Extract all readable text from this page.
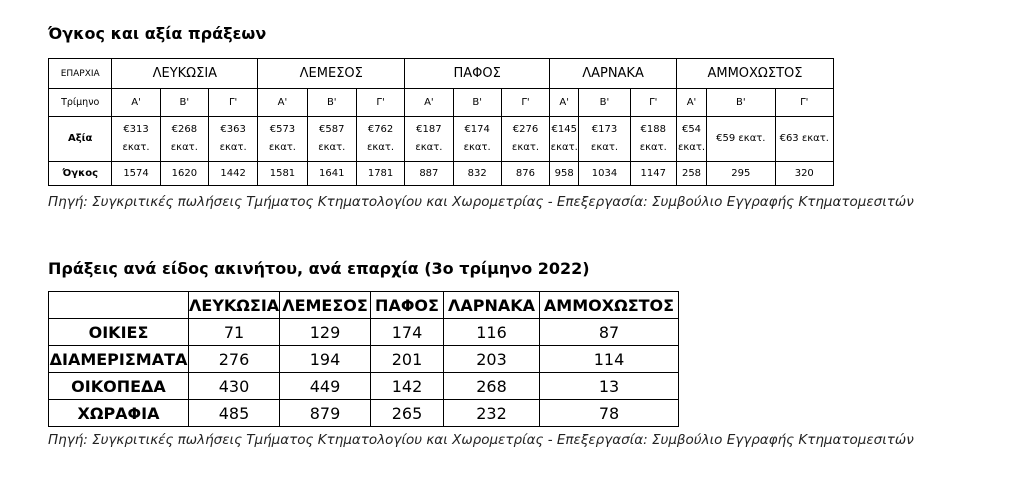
Όγκος και αξία πράξεων
ΕΠΑΡΧΙΑ	ΛΕΥΚΩΣΙΑ			ΛΕΜΕΣΟΣ			ΠΑΦΟΣ			ΛΑΡΝΑΚΑ			ΑΜΜΟΧΩΣΤΟΣ		
Τρίμηνο	Α'	Β'	Γ'	Α'	Β'	Γ'	Α'	Β'	Γ'	Α'	Β'	Γ'	Α'	Β'	Γ'
Αξία	€313 εκατ.	€268 εκατ.	€363 εκατ.	€573 εκατ.	€587 εκατ.	€762 εκατ.	€187 εκατ.	€174 εκατ.	€276 εκατ.	€145 εκατ.	€173 εκατ.	€188 εκατ.	€54 εκατ.	€59 εκατ.	€63 εκατ.
Όγκος	1574	1620	1442	1581	1641	1781	887	832	876	958	1034	1147	258	295	320
Πηγή: Συγκριτικές πωλήσεις Τμήματος Κτηματολογίου και Χωρομετρίας - Επεξεργασία: Συμβούλιο Εγγραφής Κτηματομεσιτών
Πράξεις ανά είδος ακινήτου, ανά επαρχία (3ο τρίμηνο 2022)
	ΛΕΥΚΩΣΙΑ	ΛΕΜΕΣΟΣ	ΠΑΦΟΣ	ΛΑΡΝΑΚΑ	ΑΜΜΟΧΩΣΤΟΣ
ΟΙΚΙΕΣ	71	129	174	116	87
ΔΙΑΜΕΡΙΣΜΑΤΑ	276	194	201	203	114
ΟΙΚΟΠΕΔΑ	430	449	142	268	13
ΧΩΡΑΦΙΑ	485	879	265	232	78
Πηγή: Συγκριτικές πωλήσεις Τμήματος Κτηματολογίου και Χωρομετρίας - Επεξεργασία: Συμβούλιο Εγγραφής Κτηματομεσιτών
